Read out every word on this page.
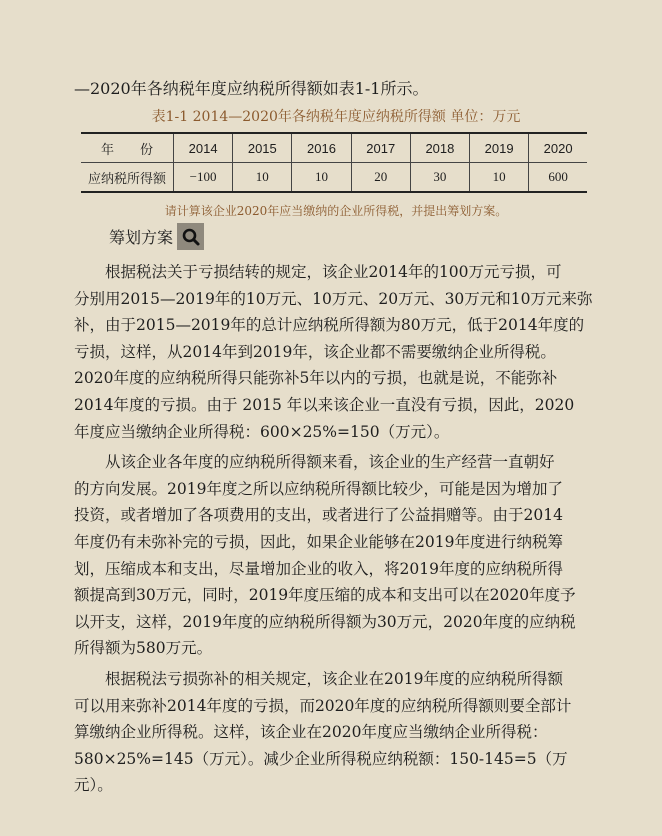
—2020年各纳税年度应纳税所得额如表1-1所示。
表1-1 2014—2020年各纳税年度应纳税所得额 单位：万元
年　　份	2014	2015	2016	2017	2018	2019	2020
应纳税所得额	−100	10	10	20	30	10	600
请计算该企业2020年应当缴纳的企业所得税，并提出筹划方案。
筹划方案
　　根据税法关于亏损结转的规定，该企业2014年的100万元亏损，可
分别用2015—2019年的10万元、10万元、20万元、30万元和10万元来弥
补，由于2015—2019年的总计应纳税所得额为80万元，低于2014年度的
亏损，这样，从2014年到2019年，该企业都不需要缴纳企业所得税。
2020年度的应纳税所得只能弥补5年以内的亏损，也就是说，不能弥补
2014年度的亏损。由于 2015 年以来该企业一直没有亏损，因此，2020
年度应当缴纳企业所得税：600×25%=150（万元）。
　　从该企业各年度的应纳税所得额来看，该企业的生产经营一直朝好
的方向发展。2019年度之所以应纳税所得额比较少，可能是因为增加了
投资，或者增加了各项费用的支出，或者进行了公益捐赠等。由于2014
年度仍有未弥补完的亏损，因此，如果企业能够在2019年度进行纳税筹
划，压缩成本和支出，尽量增加企业的收入，将2019年度的应纳税所得
额提高到30万元，同时，2019年度压缩的成本和支出可以在2020年度予
以开支，这样，2019年度的应纳税所得额为30万元，2020年度的应纳税
所得额为580万元。
　　根据税法亏损弥补的相关规定，该企业在2019年度的应纳税所得额
可以用来弥补2014年度的亏损，而2020年度的应纳税所得额则要全部计
算缴纳企业所得税。这样，该企业在2020年度应当缴纳企业所得税：
580×25%=145（万元）。减少企业所得税应纳税额：150-145=5（万
元）。
